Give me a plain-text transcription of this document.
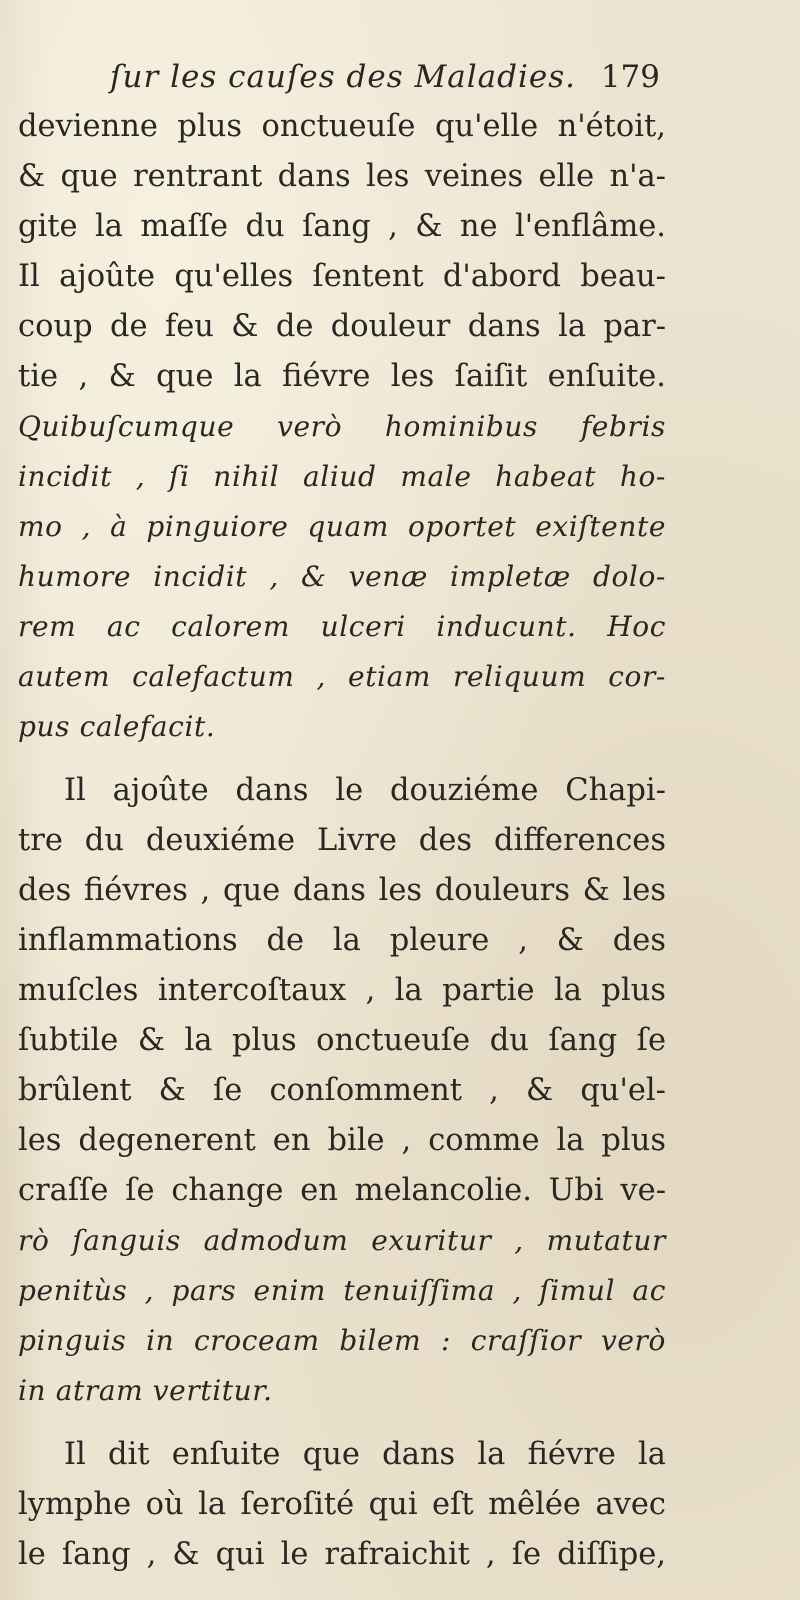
ſur les cauſes des Maladies. 179
devienne plus onctueuſe qu'elle n'étoit,
& que rentrant dans les veines elle n'a-
gite la maſſe du ſang , & ne l'enflâme.
Il ajoûte qu'elles ſentent d'abord beau-
coup de feu & de douleur dans la par-
tie , & que la fiévre les ſaiſit enſuite.
Quibuſcumque verò hominibus febris
incidit , ſi nihil aliud male habeat ho-
mo , à pinguiore quam oportet exiſtente
humore incidit , & venæ impletæ dolo-
rem ac calorem ulceri inducunt. Hoc
autem calefactum , etiam reliquum cor-
pus calefacit.
Il ajoûte dans le douziéme Chapi-
tre du deuxiéme Livre des differences
des fiévres , que dans les douleurs & les
inflammations de la pleure , & des
muſcles intercoſtaux , la partie la plus
ſubtile & la plus onctueuſe du ſang ſe
brûlent & ſe conſomment , & qu'el-
les degenerent en bile , comme la plus
craſſe ſe change en melancolie. Ubi ve-
rò ſanguis admodum exuritur , mutatur
penitùs , pars enim tenuiſſima , ſimul ac
pinguis in croceam bilem : craſſior verò
in atram vertitur.
Il dit enſuite que dans la fiévre la
lymphe où la ſeroſité qui eſt mêlée avec
le ſang , & qui le rafraichit , ſe diſſipe,
